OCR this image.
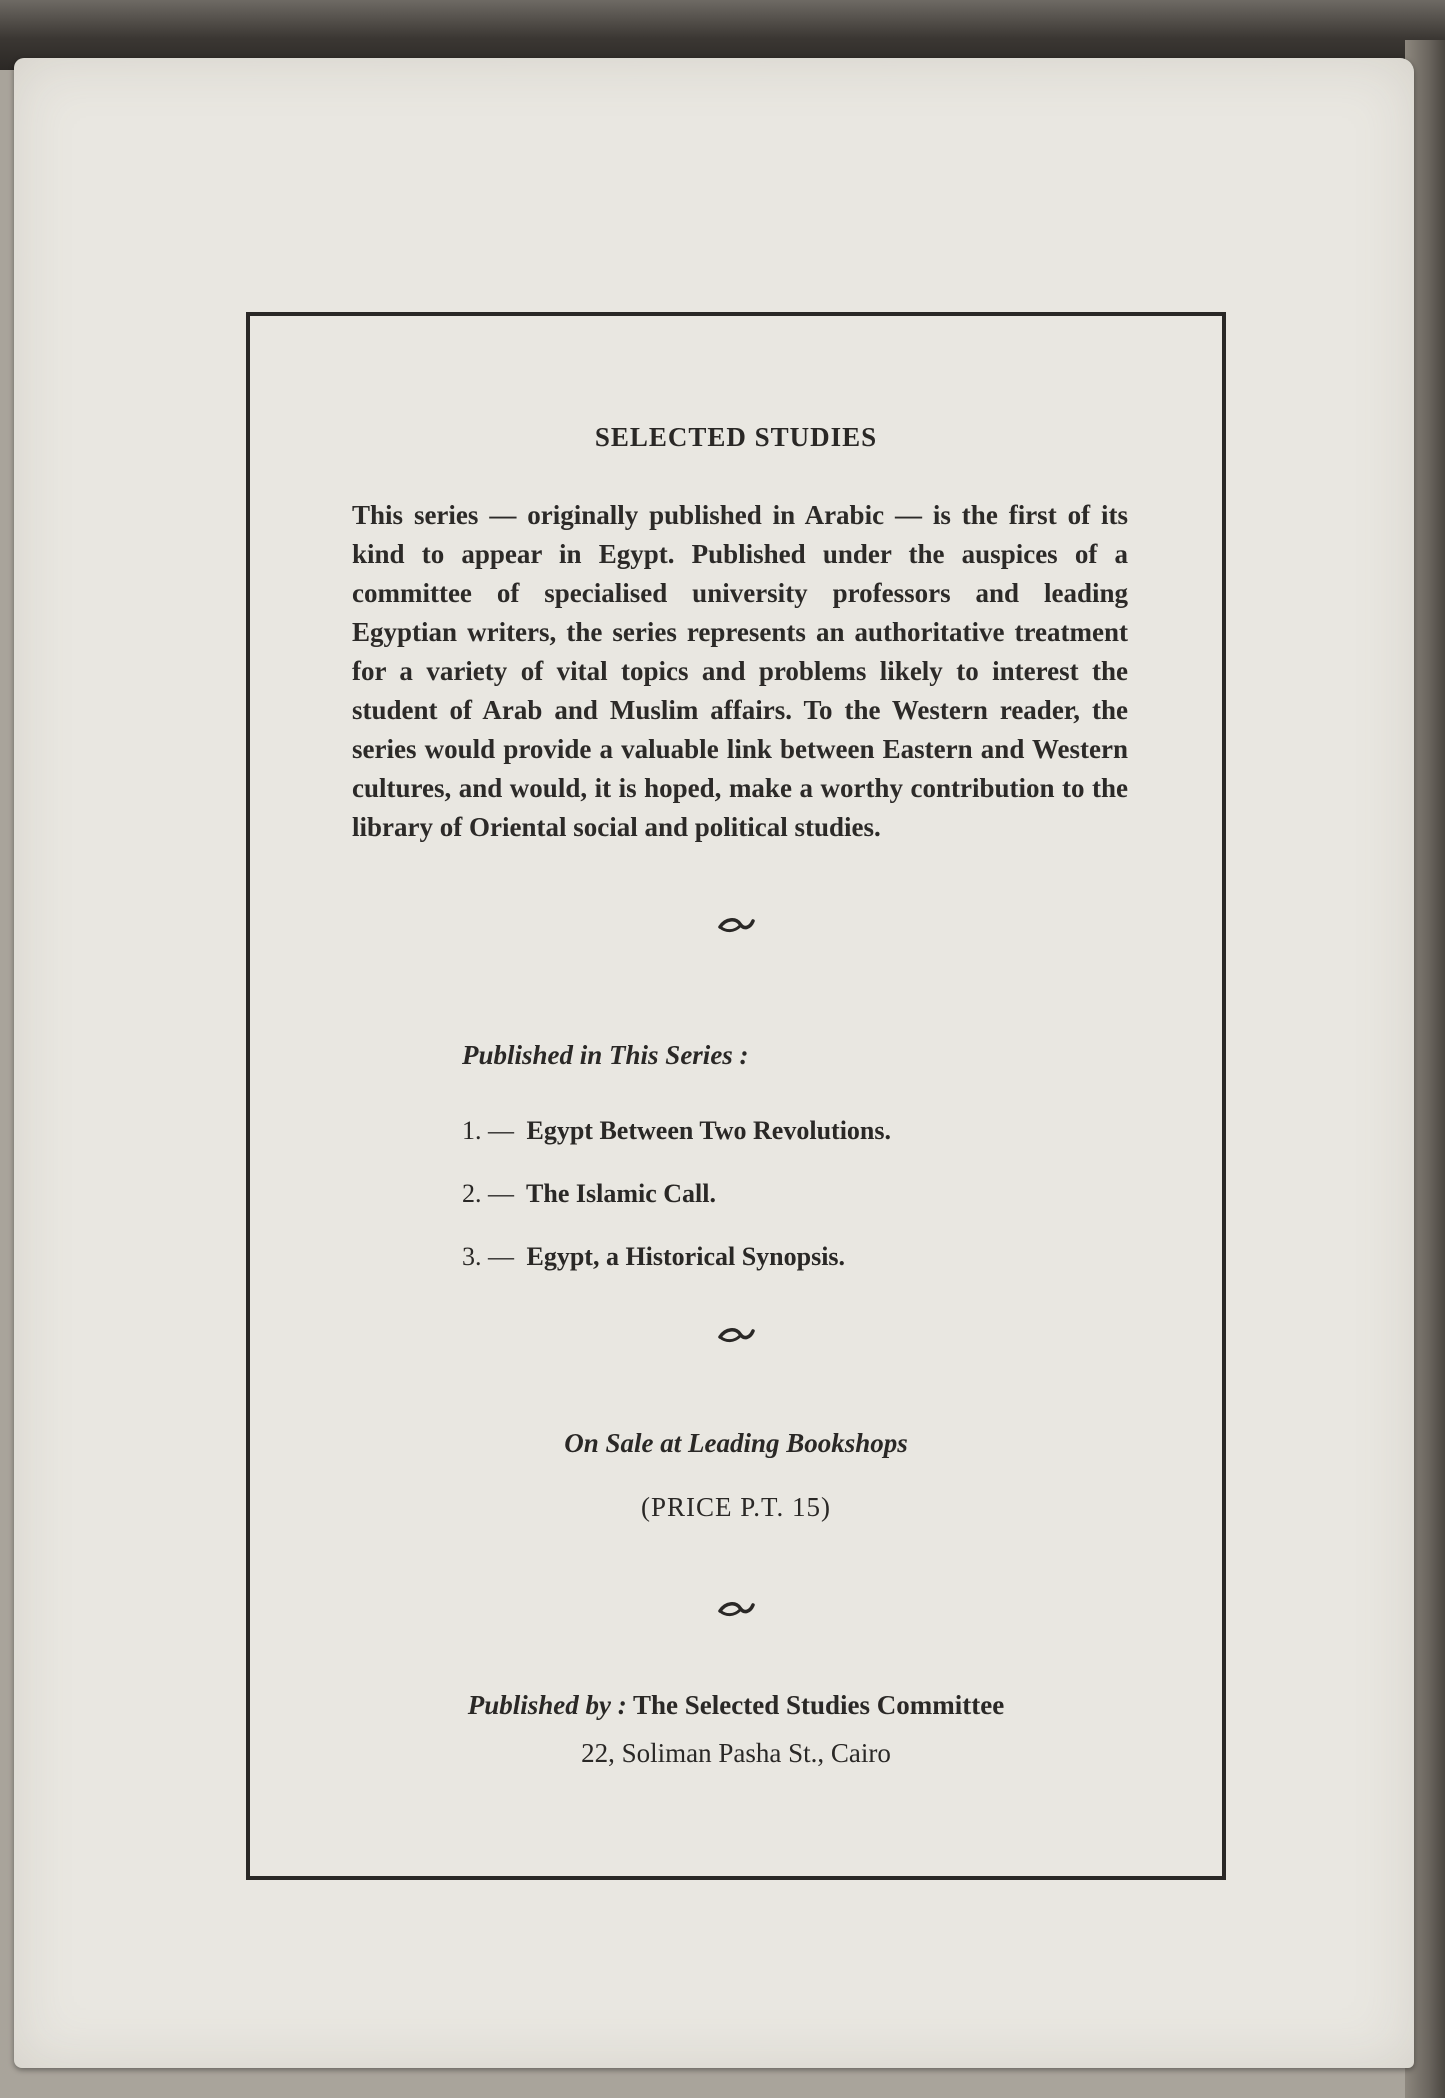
SELECTED STUDIES
This series — originally published in Arabic — is the first of its kind to appear in Egypt. Published under the auspices of a committee of specialised university professors and leading Egyptian writers, the series represents an authoritative treatment for a variety of vital topics and problems likely to interest the student of Arab and Muslim affairs. To the Western reader, the series would provide a valuable link between Eastern and Western cultures, and would, it is hoped, make a worthy contribution to the library of Oriental social and political studies.
Published in This Series :
1. — Egypt Between Two Revolutions.
2. — The Islamic Call.
3. — Egypt, a Historical Synopsis.
On Sale at Leading Bookshops
(PRICE P.T. 15)
Published by : The Selected Studies Committee
22, Soliman Pasha St., Cairo
